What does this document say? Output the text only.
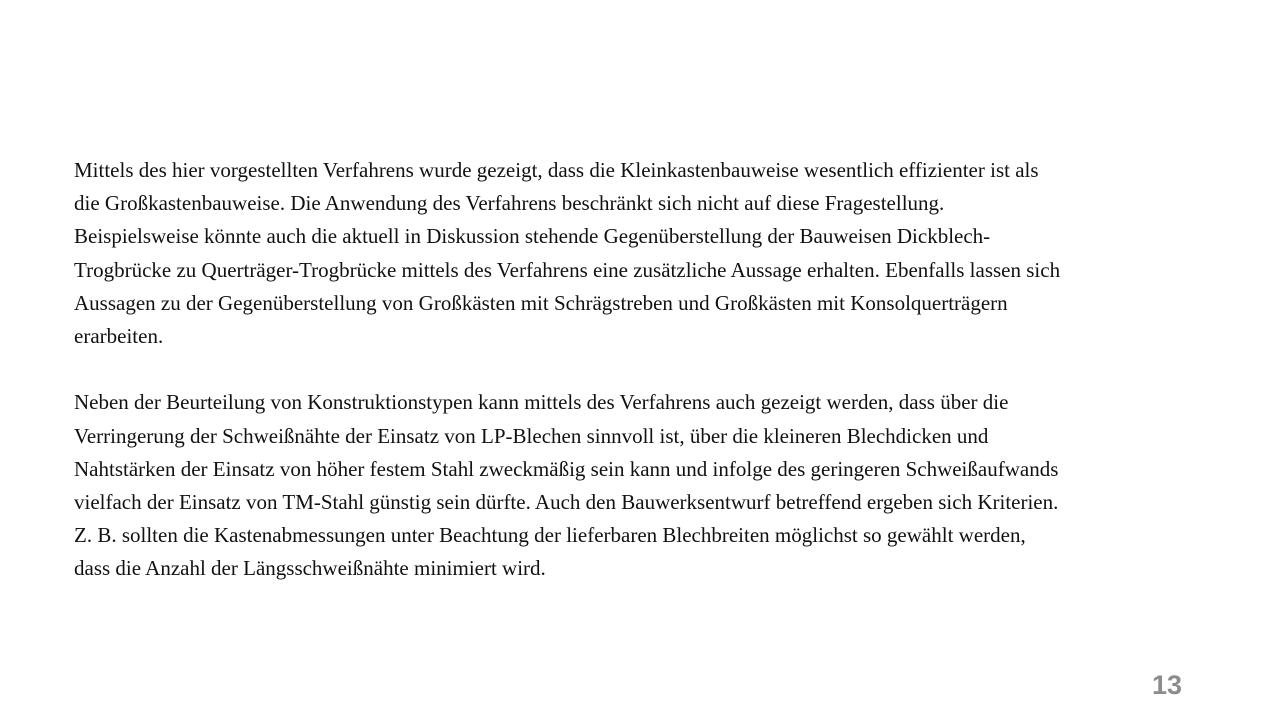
Mittels des hier vorgestellten Verfahrens wurde gezeigt, dass die Kleinkastenbauweise wesentlich effizienter ist als
die Großkastenbauweise. Die Anwendung des Verfahrens beschränkt sich nicht auf diese Fragestellung.
Beispielsweise könnte auch die aktuell in Diskussion stehende Gegenüberstellung der Bauweisen Dickblech-
Trogbrücke zu Querträger-Trogbrücke mittels des Verfahrens eine zusätzliche Aussage erhalten. Ebenfalls lassen sich
Aussagen zu der Gegenüberstellung von Großkästen mit Schrägstreben und Großkästen mit Konsolquerträgern
erarbeiten.
Neben der Beurteilung von Konstruktionstypen kann mittels des Verfahrens auch gezeigt werden, dass über die
Verringerung der Schweißnähte der Einsatz von LP-Blechen sinnvoll ist, über die kleineren Blechdicken und
Nahtstärken der Einsatz von höher festem Stahl zweckmäßig sein kann und infolge des geringeren Schweißaufwands
vielfach der Einsatz von TM-Stahl günstig sein dürfte. Auch den Bauwerksentwurf betreffend ergeben sich Kriterien.
Z. B. sollten die Kastenabmessungen unter Beachtung der lieferbaren Blechbreiten möglichst so gewählt werden,
dass die Anzahl der Längsschweißnähte minimiert wird.
13
